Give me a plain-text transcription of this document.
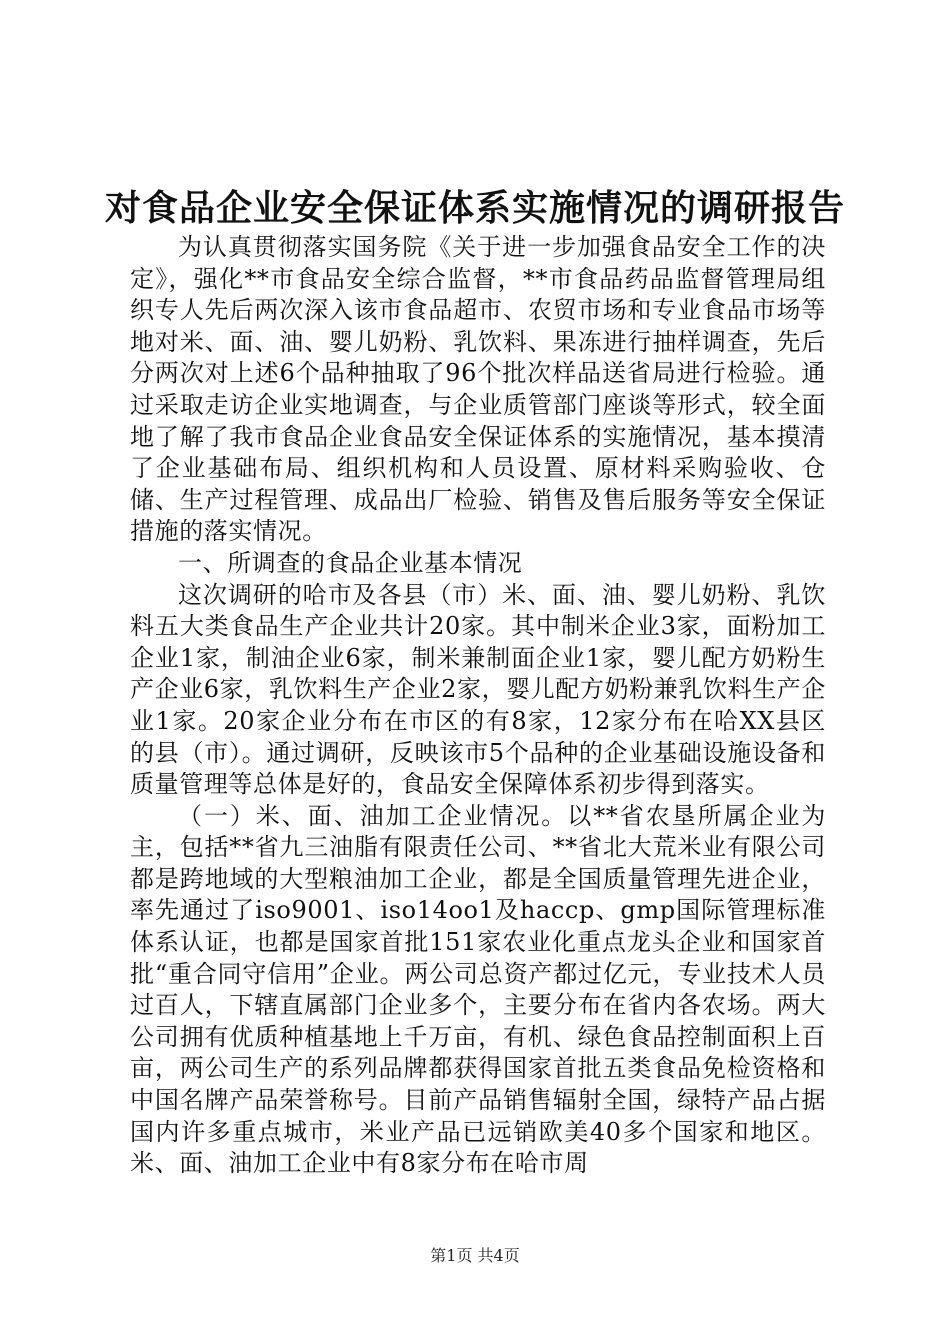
对食品企业安全保证体系实施情况的调研报告

为认真贯彻落实国务院《关于进一步加强食品安全工作的决定》，强化**市食品安全综合监督，**市食品药品监督管理局组织专人先后两次深入该市食品超市、农贸市场和专业食品市场等地对米、面、油、婴儿奶粉、乳饮料、果冻进行抽样调查，先后分两次对上述6个品种抽取了96个批次样品送省局进行检验。通过采取走访企业实地调查，与企业质管部门座谈等形式，较全面地了解了我市食品企业食品安全保证体系的实施情况，基本摸清了企业基础布局、组织机构和人员设置、原材料采购验收、仓储、生产过程管理、成品出厂检验、销售及售后服务等安全保证措施的落实情况。

一、所调查的食品企业基本情况

这次调研的哈市及各县（市）米、面、油、婴儿奶粉、乳饮料五大类食品生产企业共计20家。其中制米企业3家，面粉加工企业1家，制油企业6家，制米兼制面企业1家，婴儿配方奶粉生产企业6家，乳饮料生产企业2家，婴儿配方奶粉兼乳饮料生产企业1家。20家企业分布在市区的有8家，12家分布在哈XX县区的县（市）。通过调研，反映该市5个品种的企业基础设施设备和质量管理等总体是好的，食品安全保障体系初步得到落实。

（一）米、面、油加工企业情况。以**省农垦所属企业为主，包括**省九三油脂有限责任公司、**省北大荒米业有限公司都是跨地域的大型粮油加工企业，都是全国质量管理先进企业，率先通过了iso9001、iso14oo1及haccp、gmp国际管理标准体系认证，也都是国家首批151家农业化重点龙头企业和国家首批“重合同守信用”企业。两公司总资产都过亿元，专业技术人员过百人，下辖直属部门企业多个，主要分布在省内各农场。两大公司拥有优质种植基地上千万亩，有机、绿色食品控制面积上百亩，两公司生产的系列品牌都获得国家首批五类食品免检资格和中国名牌产品荣誉称号。目前产品销售辐射全国，绿特产品占据国内许多重点城市，米业产品已远销欧美40多个国家和地区。米、面、油加工企业中有8家分布在哈市周

第1页 共4页
